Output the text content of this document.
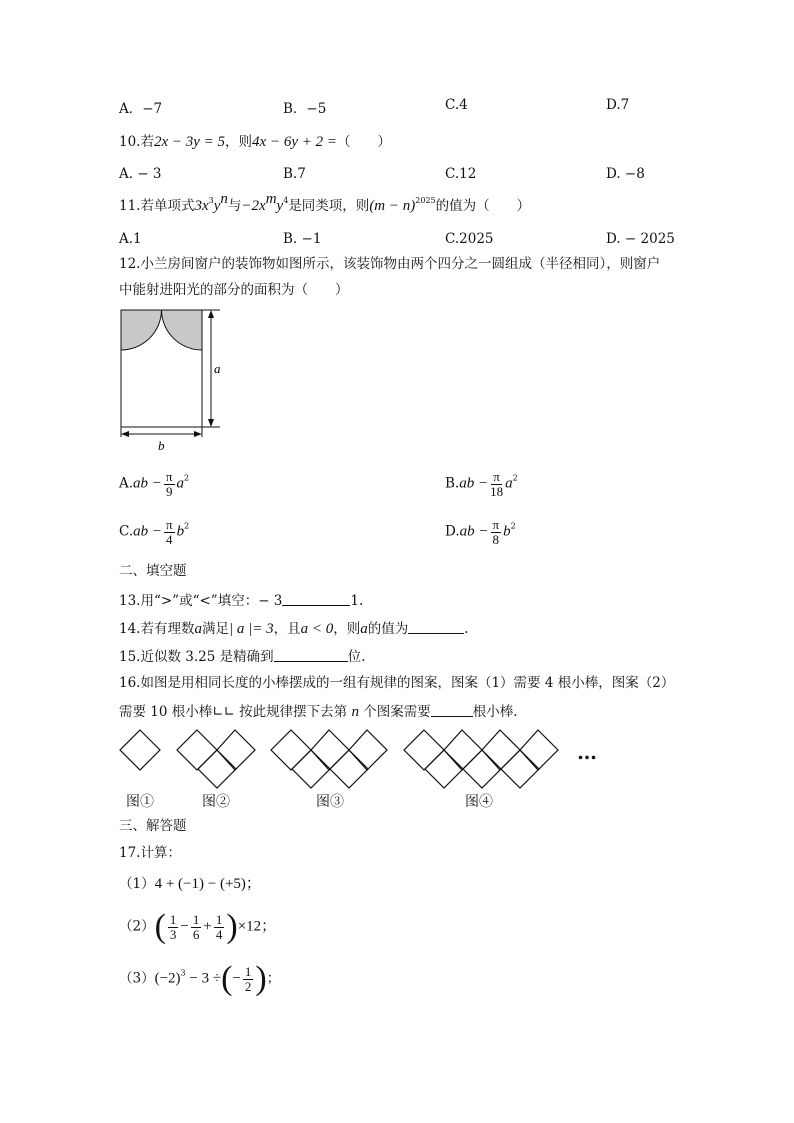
A．−7	B．−5	C.4	D.7
10.若2x − 3y = 5，则4x − 6y + 2 =（　　）
A. − 3	B.7	C.12	D. −8
11.若单项式$3x^3y^n$与$-2x^my^4$是同类项，则$(m - n)^{2025}$的值为（　　）
A.1	B. −1	C.2025	D. − 2025
12.小兰房间窗户的装饰物如图所示，该装饰物由两个四分之一圆组成（半径相同），则窗户
中能射进阳光的部分的面积为（　　）
a
b
$A.ab - \frac{\pi}{9} a^2$	$B.ab - \frac{\pi}{18} a^2$
$C.ab - \frac{\pi}{4} b^2$	$D.ab - \frac{\pi}{8} b^2$
二、填空题
13.用“>”或“<”填空：− 3	1.
14.若有理数a满足| a |= 3，且a < 0，则a的值为	.
15.近似数 3.25 是精确到	位.
16.如图是用相同长度的小棒摆成的一组有规律的图案，图案（1）需要 4 根小棒，图案（2）
需要 10 根小棒∟∟ 按此规律摆下去第 n 个图案需要	根小棒.
…
图①	图②	图③	图④
三、解答题
17.计算：
（1）4 + (−1) − (+5)；
$(2)( \frac{1}{3} - \frac{1}{6} + \frac{1}{4} )\times 12$；
$(3)(-2)^3 - 3$ ÷(− $\frac{1}{2}$ )；
